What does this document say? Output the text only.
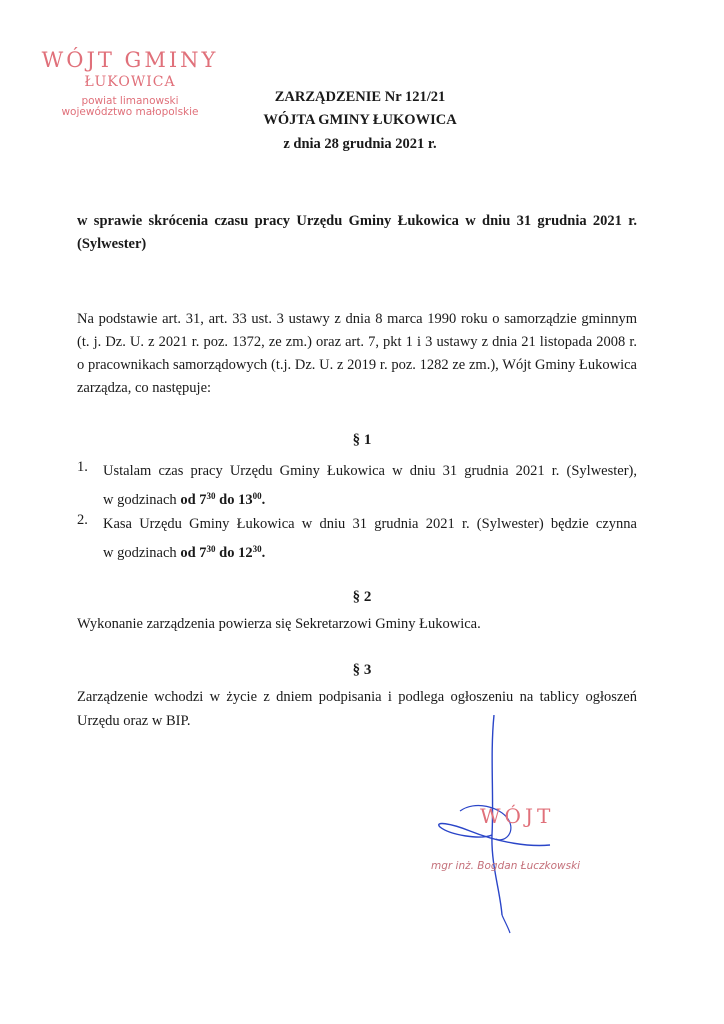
WÓJT GMINY
ŁUKOWICA
powiat limanowski
województwo małopolskie
ZARZĄDZENIE Nr 121/21
WÓJTA GMINY ŁUKOWICA
z dnia 28 grudnia 2021 r.
w sprawie skrócenia czasu pracy Urzędu Gminy Łukowica w dniu 31 grudnia 2021 r.
(Sylwester)
Na podstawie art. 31, art. 33 ust. 3 ustawy z dnia 8 marca 1990 roku o samorządzie gminnym
(t. j. Dz. U. z 2021 r. poz. 1372, ze zm.) oraz art. 7, pkt 1 i 3 ustawy z dnia 21 listopada 2008 r.
o pracownikach samorządowych (t.j. Dz. U. z 2019 r. poz. 1282 ze zm.), Wójt Gminy Łukowica
zarządza, co następuje:
§ 1
1. Ustalam czas pracy Urzędu Gminy Łukowica w dniu 31 grudnia 2021 r. (Sylwester),
w godzinach od $7^{30}$ do $13^{00}$.
2. Kasa Urzędu Gminy Łukowica w dniu 31 grudnia 2021 r. (Sylwester) będzie czynna
w godzinach od $7^{30}$ do $12^{30}$.
§ 2
Wykonanie zarządzenia powierza się Sekretarzowi Gminy Łukowica.
§ 3
Zarządzenie wchodzi w życie z dniem podpisania i podlega ogłoszeniu na tablicy ogłoszeń
Urzędu oraz w BIP.
WÓJT
mgr inż. Bogdan Łuczkowski
